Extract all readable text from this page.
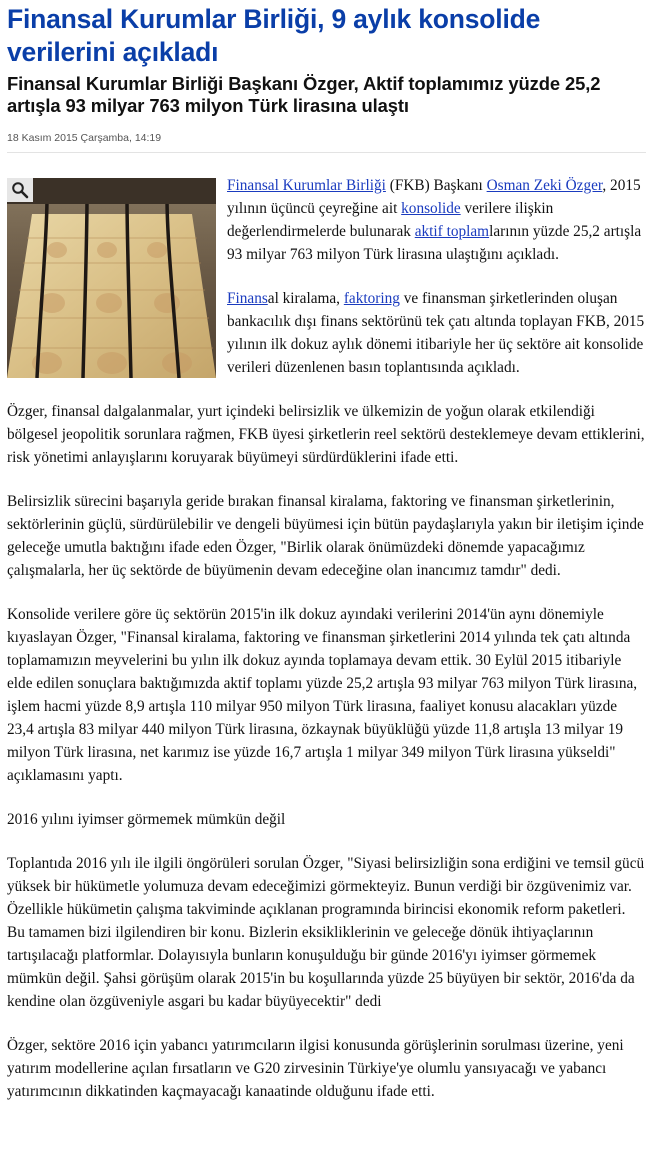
Finansal Kurumlar Birliği, 9 aylık konsolide verilerini açıkladı
Finansal Kurumlar Birliği Başkanı Özger, Aktif toplamımız yüzde 25,2 artışla 93 milyar 763 milyon Türk lirasına ulaştı
18 Kasım 2015 Çarşamba, 14:19

Finansal Kurumlar Birliği (FKB) Başkanı Osman Zeki Özger, 2015 yılının üçüncü çeyreğine ait konsolide verilere ilişkin değerlendirmelerde bulunarak aktif toplamlarının yüzde 25,2 artışla 93 milyar 763 milyon Türk lirasına ulaştığını açıkladı.

Finansal kiralama, faktoring ve finansman şirketlerinden oluşan bankacılık dışı finans sektörünü tek çatı altında toplayan FKB, 2015 yılının ilk dokuz aylık dönemi itibariyle her üç sektöre ait konsolide verileri düzenlenen basın toplantısında açıkladı.

Özger, finansal dalgalanmalar, yurt içindeki belirsizlik ve ülkemizin de yoğun olarak etkilendiği bölgesel jeopolitik sorunlara rağmen, FKB üyesi şirketlerin reel sektörü desteklemeye devam ettiklerini, risk yönetimi anlayışlarını koruyarak büyümeyi sürdürdüklerini ifade etti.

Belirsizlik sürecini başarıyla geride bırakan finansal kiralama, faktoring ve finansman şirketlerinin, sektörlerinin güçlü, sürdürülebilir ve dengeli büyümesi için bütün paydaşlarıyla yakın bir iletişim içinde geleceğe umutla baktığını ifade eden Özger, "Birlik olarak önümüzdeki dönemde yapacağımız çalışmalarla, her üç sektörde de büyümenin devam edeceğine olan inancımız tamdır" dedi.

Konsolide verilere göre üç sektörün 2015'in ilk dokuz ayındaki verilerini 2014'ün aynı dönemiyle kıyaslayan Özger, "Finansal kiralama, faktoring ve finansman şirketlerini 2014 yılında tek çatı altında toplamamızın meyvelerini bu yılın ilk dokuz ayında toplamaya devam ettik. 30 Eylül 2015 itibariyle elde edilen sonuçlara baktığımızda aktif toplamı yüzde 25,2 artışla 93 milyar 763 milyon Türk lirasına, işlem hacmi yüzde 8,9 artışla 110 milyar 950 milyon Türk lirasına, faaliyet konusu alacakları yüzde 23,4 artışla 83 milyar 440 milyon Türk lirasına, özkaynak büyüklüğü yüzde 11,8 artışla 13 milyar 19 milyon Türk lirasına, net karımız ise yüzde 16,7 artışla 1 milyar 349 milyon Türk lirasına yükseldi" açıklamasını yaptı.

2016 yılını iyimser görmemek mümkün değil

Toplantıda 2016 yılı ile ilgili öngörüleri sorulan Özger, "Siyasi belirsizliğin sona erdiğini ve temsil gücü yüksek bir hükümetle yolumuza devam edeceğimizi görmekteyiz. Bunun verdiği bir özgüvenimiz var. Özellikle hükümetin çalışma takviminde açıklanan programında birincisi ekonomik reform paketleri. Bu tamamen bizi ilgilendiren bir konu. Bizlerin eksikliklerinin ve geleceğe dönük ihtiyaçlarının tartışılacağı platformlar. Dolayısıyla bunların konuşulduğu bir günde 2016'yı iyimser görmemek mümkün değil. Şahsi görüşüm olarak 2015'in bu koşullarında yüzde 25 büyüyen bir sektör, 2016'da da kendine olan özgüveniyle asgari bu kadar büyüyecektir" dedi

Özger, sektöre 2016 için yabancı yatırımcıların ilgisi konusunda görüşlerinin sorulması üzerine, yeni yatırım modellerine açılan fırsatların ve G20 zirvesinin Türkiye'ye olumlu yansıyacağı ve yabancı yatırımcının dikkatinden kaçmayacağı kanaatinde olduğunu ifade etti.
